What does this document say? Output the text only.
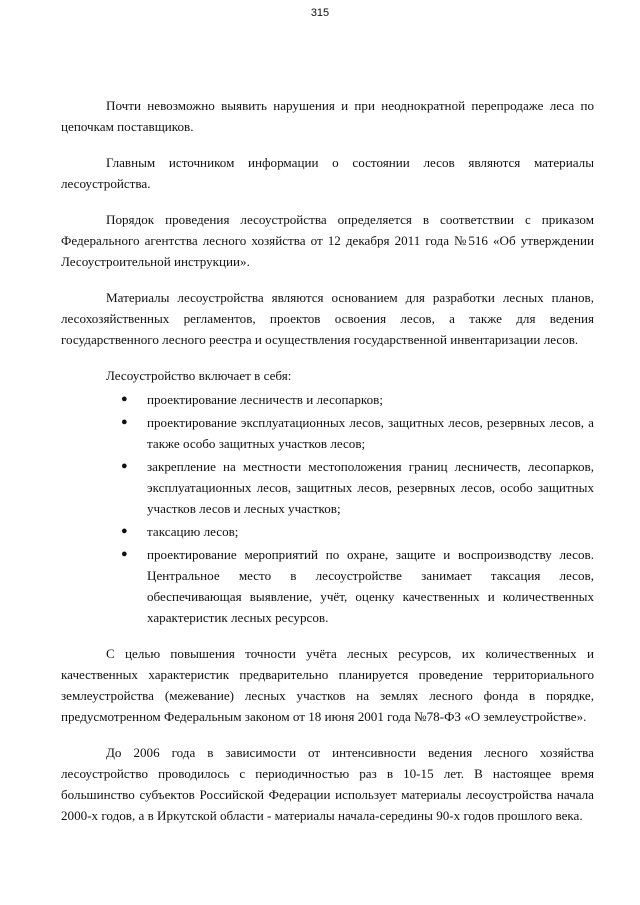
315

Почти невозможно выявить нарушения и при неоднократной перепродаже леса по цепочкам поставщиков.

Главным источником информации о состоянии лесов являются материалы лесоустройства.

Порядок проведения лесоустройства определяется в соответствии с приказом Федерального агентства лесного хозяйства от 12 декабря 2011 года №516 «Об утверждении Лесоустроительной инструкции».

Материалы лесоустройства являются основанием для разработки лесных планов, лесохозяйственных регламентов, проектов освоения лесов, а также для ведения государственного лесного реестра и осуществления государственной инвентаризации лесов.

Лесоустройство включает в себя:

● проектирование лесничеств и лесопарков;
● проектирование эксплуатационных лесов, защитных лесов, резервных лесов, а также особо защитных участков лесов;
● закрепление на местности местоположения границ лесничеств, лесопарков, эксплуатационных лесов, защитных лесов, резервных лесов, особо защитных участков лесов и лесных участков;
● таксацию лесов;
● проектирование мероприятий по охране, защите и воспроизводству лесов. Центральное место в лесоустройстве занимает таксация лесов, обеспечивающая выявление, учёт, оценку качественных и количественных характеристик лесных ресурсов.

С целью повышения точности учёта лесных ресурсов, их количественных и качественных характеристик предварительно планируется проведение территориального землеустройства (межевание) лесных участков на землях лесного фонда в порядке, предусмотренном Федеральным законом от 18 июня 2001 года №78-ФЗ «О землеустройстве».

До 2006 года в зависимости от интенсивности ведения лесного хозяйства лесоустройство проводилось с периодичностью раз в 10-15 лет. В настоящее время большинство субъектов Российской Федерации использует материалы лесоустройства начала 2000-х годов, а в Иркутской области - материалы начала-середины 90-х годов прошлого века.
